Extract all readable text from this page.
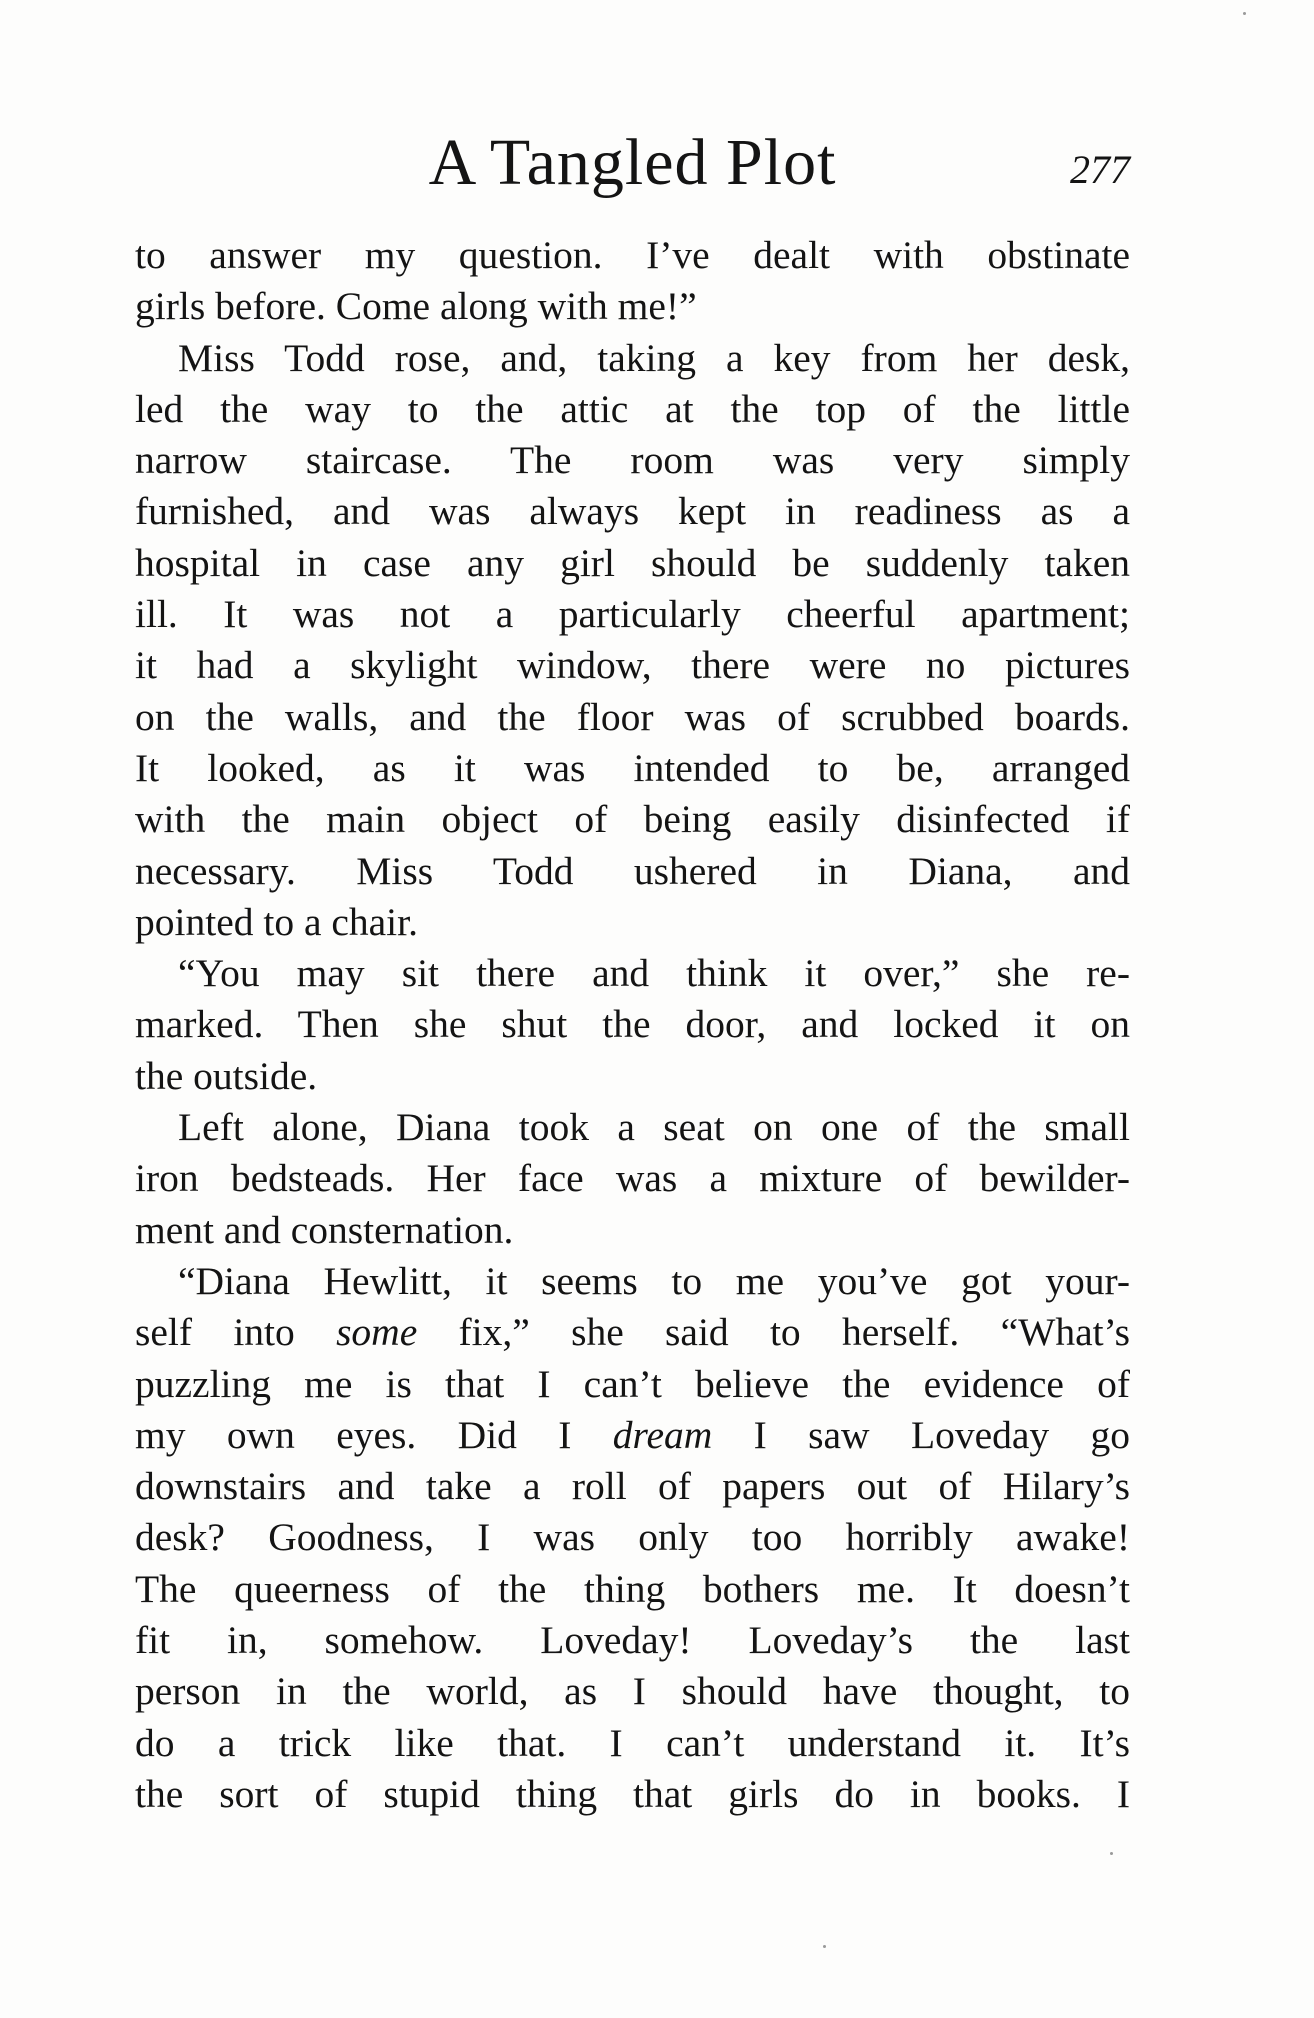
A Tangled Plot	277
to answer my question. I’ve dealt with obstinate
girls before. Come along with me!”
Miss Todd rose, and, taking a key from her desk,
led the way to the attic at the top of the little
narrow staircase. The room was very simply
furnished, and was always kept in readiness as a
hospital in case any girl should be suddenly taken
ill. It was not a particularly cheerful apartment;
it had a skylight window, there were no pictures
on the walls, and the floor was of scrubbed boards.
It looked, as it was intended to be, arranged
with the main object of being easily disinfected if
necessary. Miss Todd ushered in Diana, and
pointed to a chair.
“You may sit there and think it over,” she re-
marked. Then she shut the door, and locked it on
the outside.
Left alone, Diana took a seat on one of the small
iron bedsteads. Her face was a mixture of bewilder-
ment and consternation.
“Diana Hewlitt, it seems to me you’ve got your-
self into some fix,” she said to herself. “What’s
puzzling me is that I can’t believe the evidence of
my own eyes. Did I dream I saw Loveday go
downstairs and take a roll of papers out of Hilary’s
desk? Goodness, I was only too horribly awake!
The queerness of the thing bothers me. It doesn’t
fit in, somehow. Loveday! Loveday’s the last
person in the world, as I should have thought, to
do a trick like that. I can’t understand it. It’s
the sort of stupid thing that girls do in books. I
